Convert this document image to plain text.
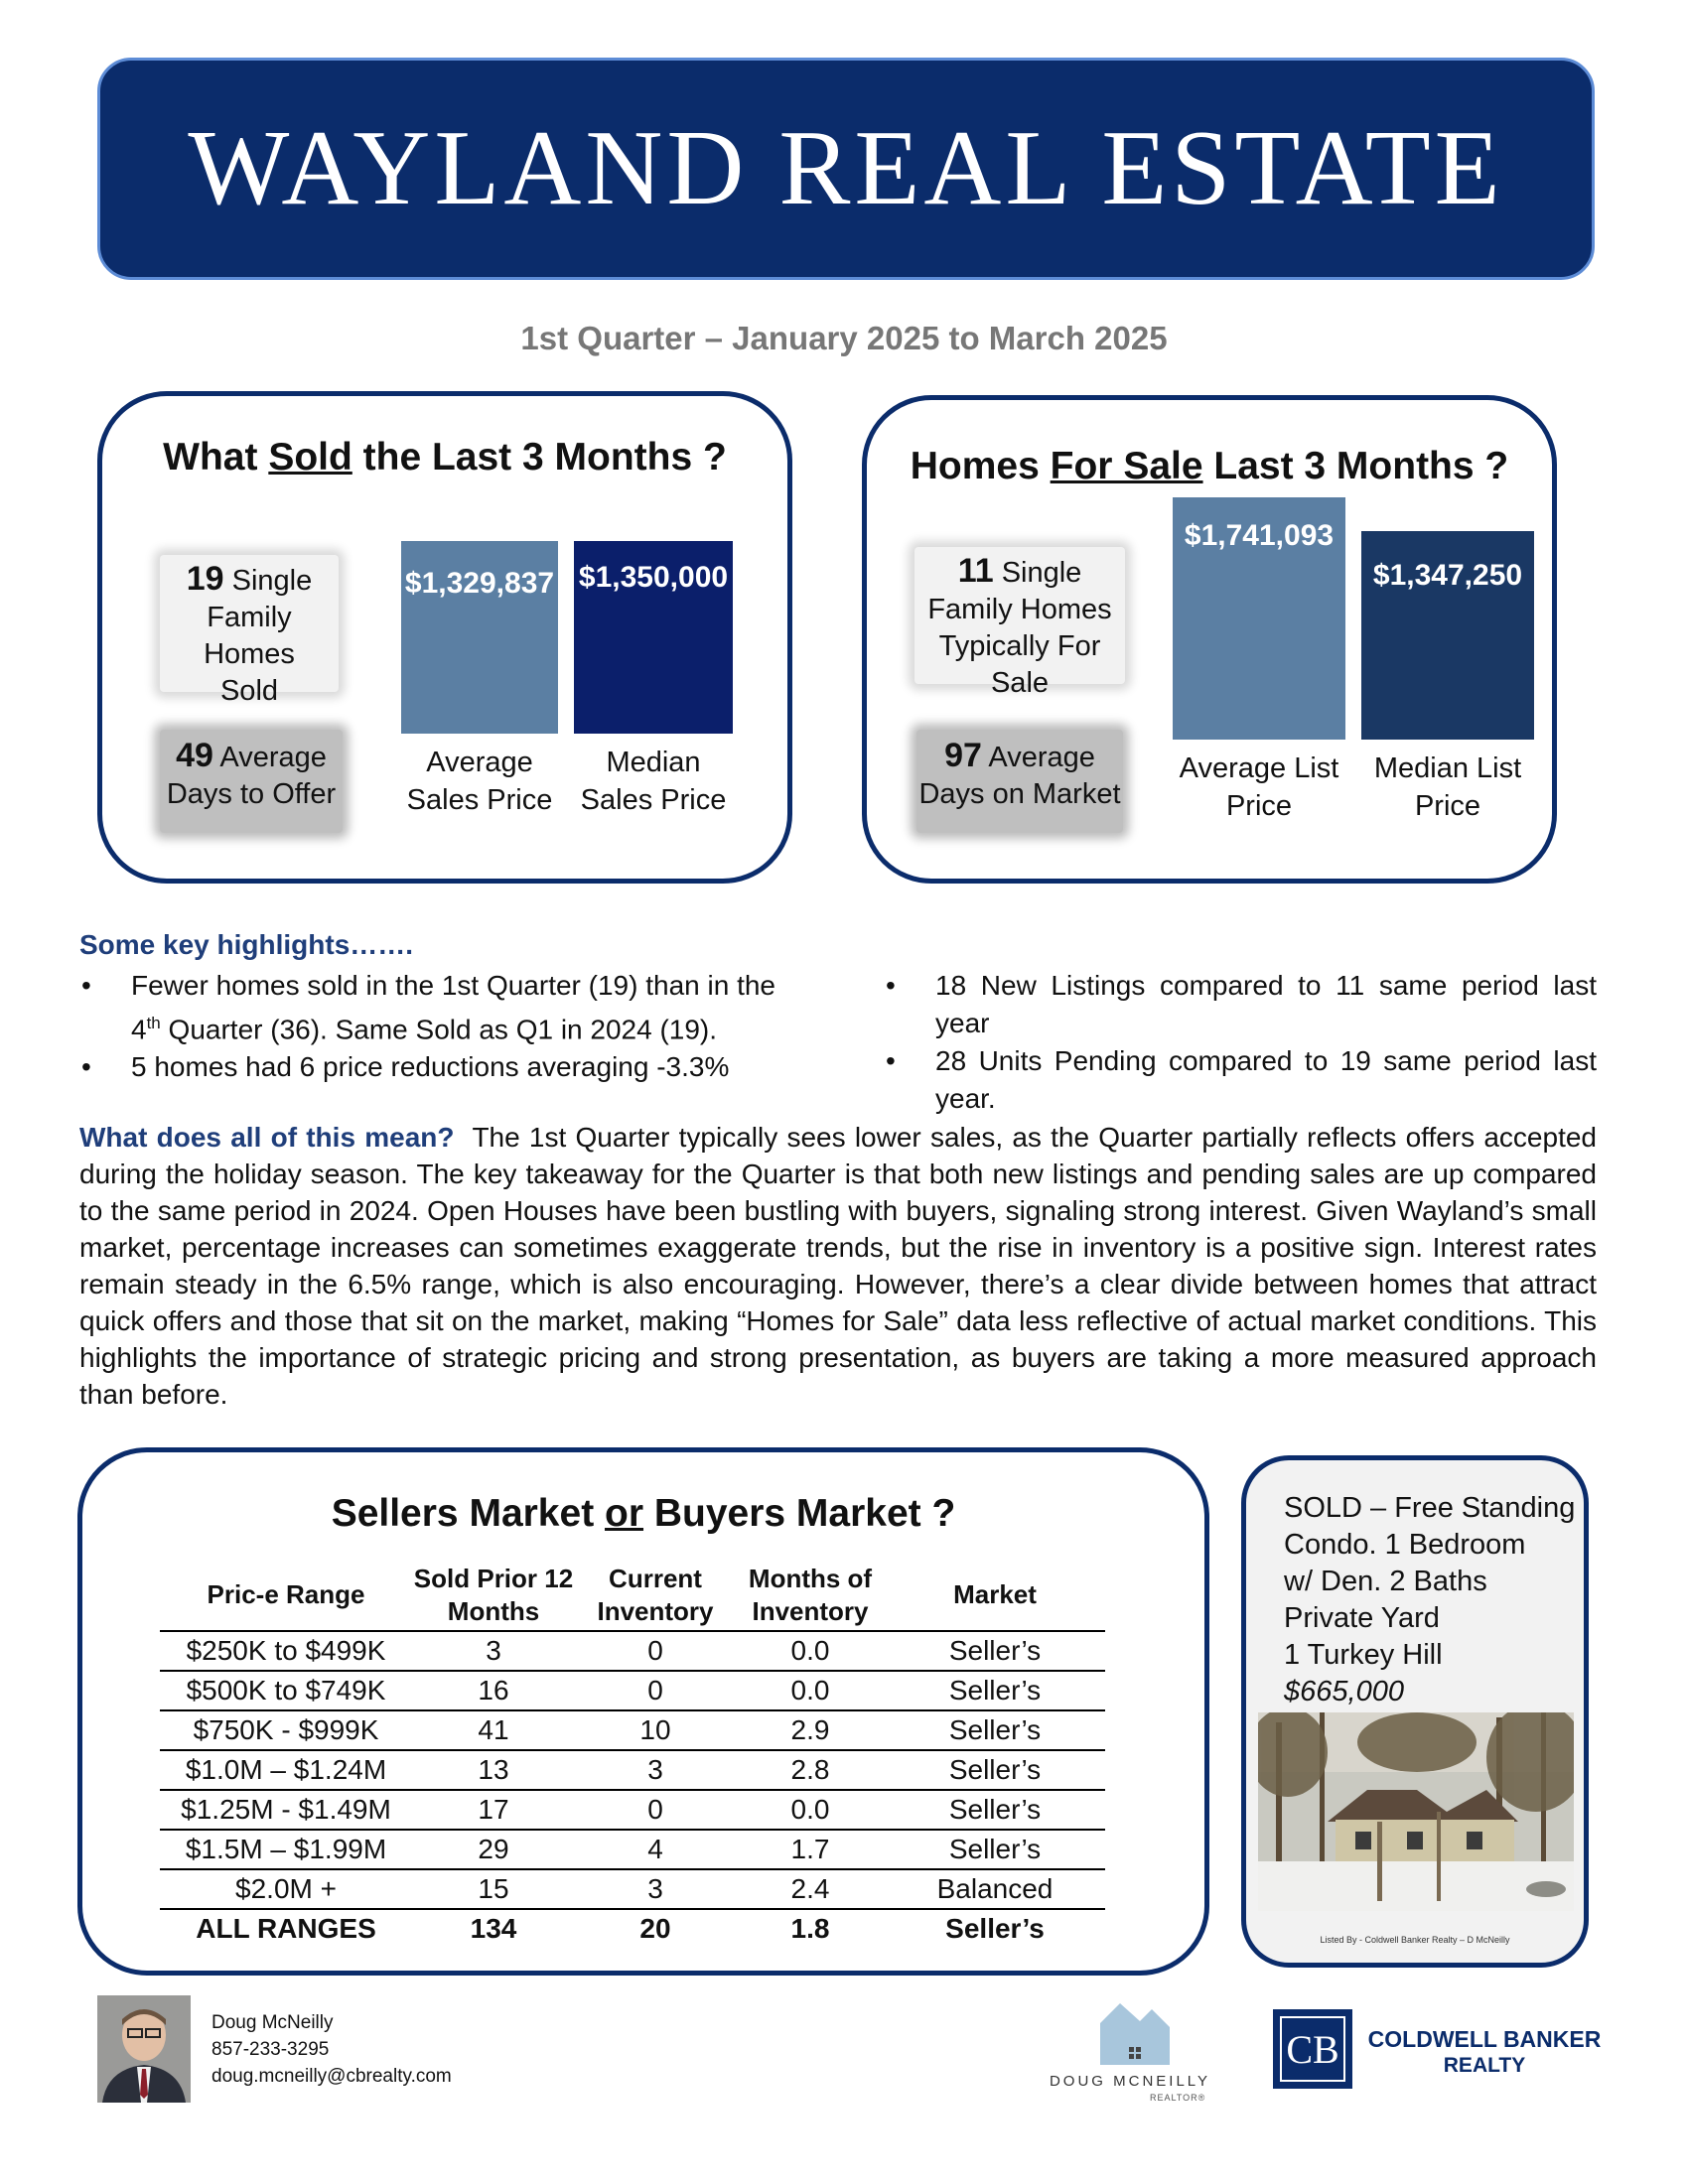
WAYLAND REAL ESTATE
1st Quarter – January 2025 to March 2025
What Sold the Last 3 Months ?
19 Single
Family Homes
Sold
49 Average
Days to Offer
$1,329,837 $1,350,000
Average
Sales Price
Median
Sales Price
Homes For Sale Last 3 Months ?
11 Single
Family Homes
Typically For Sale
97 Average
Days on Market
$1,741,093
$1,347,250
Average List
Price
Median List
Price
Some key highlights…….
• Fewer homes sold in the 1st Quarter (19) than in the 4th Quarter (36). Same Sold as Q1 in 2024 (19).
• 5 homes had 6 price reductions averaging -3.3%
• 18 New Listings compared to 11 same period last year
• 28 Units Pending compared to 19 same period last year.
What does all of this mean? The 1st Quarter typically sees lower sales, as the Quarter partially reflects offers accepted during the holiday season. The key takeaway for the Quarter is that both new listings and pending sales are up compared to the same period in 2024. Open Houses have been bustling with buyers, signaling strong interest. Given Wayland’s small market, percentage increases can sometimes exaggerate trends, but the rise in inventory is a positive sign. Interest rates remain steady in the 6.5% range, which is also encouraging. However, there’s a clear divide between homes that attract quick offers and those that sit on the market, making “Homes for Sale” data less reflective of actual market conditions. This highlights the importance of strategic pricing and strong presentation, as buyers are taking a more measured approach than before.
Sellers Market or Buyers Market ?
Pric-e Range	Sold Prior 12 Months	Current Inventory	Months of Inventory	Market
$250K to $499K	3	0	0.0	Seller’s
$500K to $749K	16	0	0.0	Seller’s
$750K - $999K	41	10	2.9	Seller’s
$1.0M – $1.24M	13	3	2.8	Seller’s
$1.25M - $1.49M	17	0	0.0	Seller’s
$1.5M – $1.99M	29	4	1.7	Seller’s
$2.0M +	15	3	2.4	Balanced
ALL RANGES	134	20	1.8	Seller’s
SOLD – Free Standing
Condo. 1 Bedroom
w/ Den. 2 Baths
Private Yard
1 Turkey Hill
$665,000
Listed By - Coldwell Banker Realty – D McNeilly
Doug McNeilly
857-233-3295
doug.mcneilly@cbrealty.com	DOUG MCNEILLY
REALTOR®
CB COLDWELL BANKER
REALTY
